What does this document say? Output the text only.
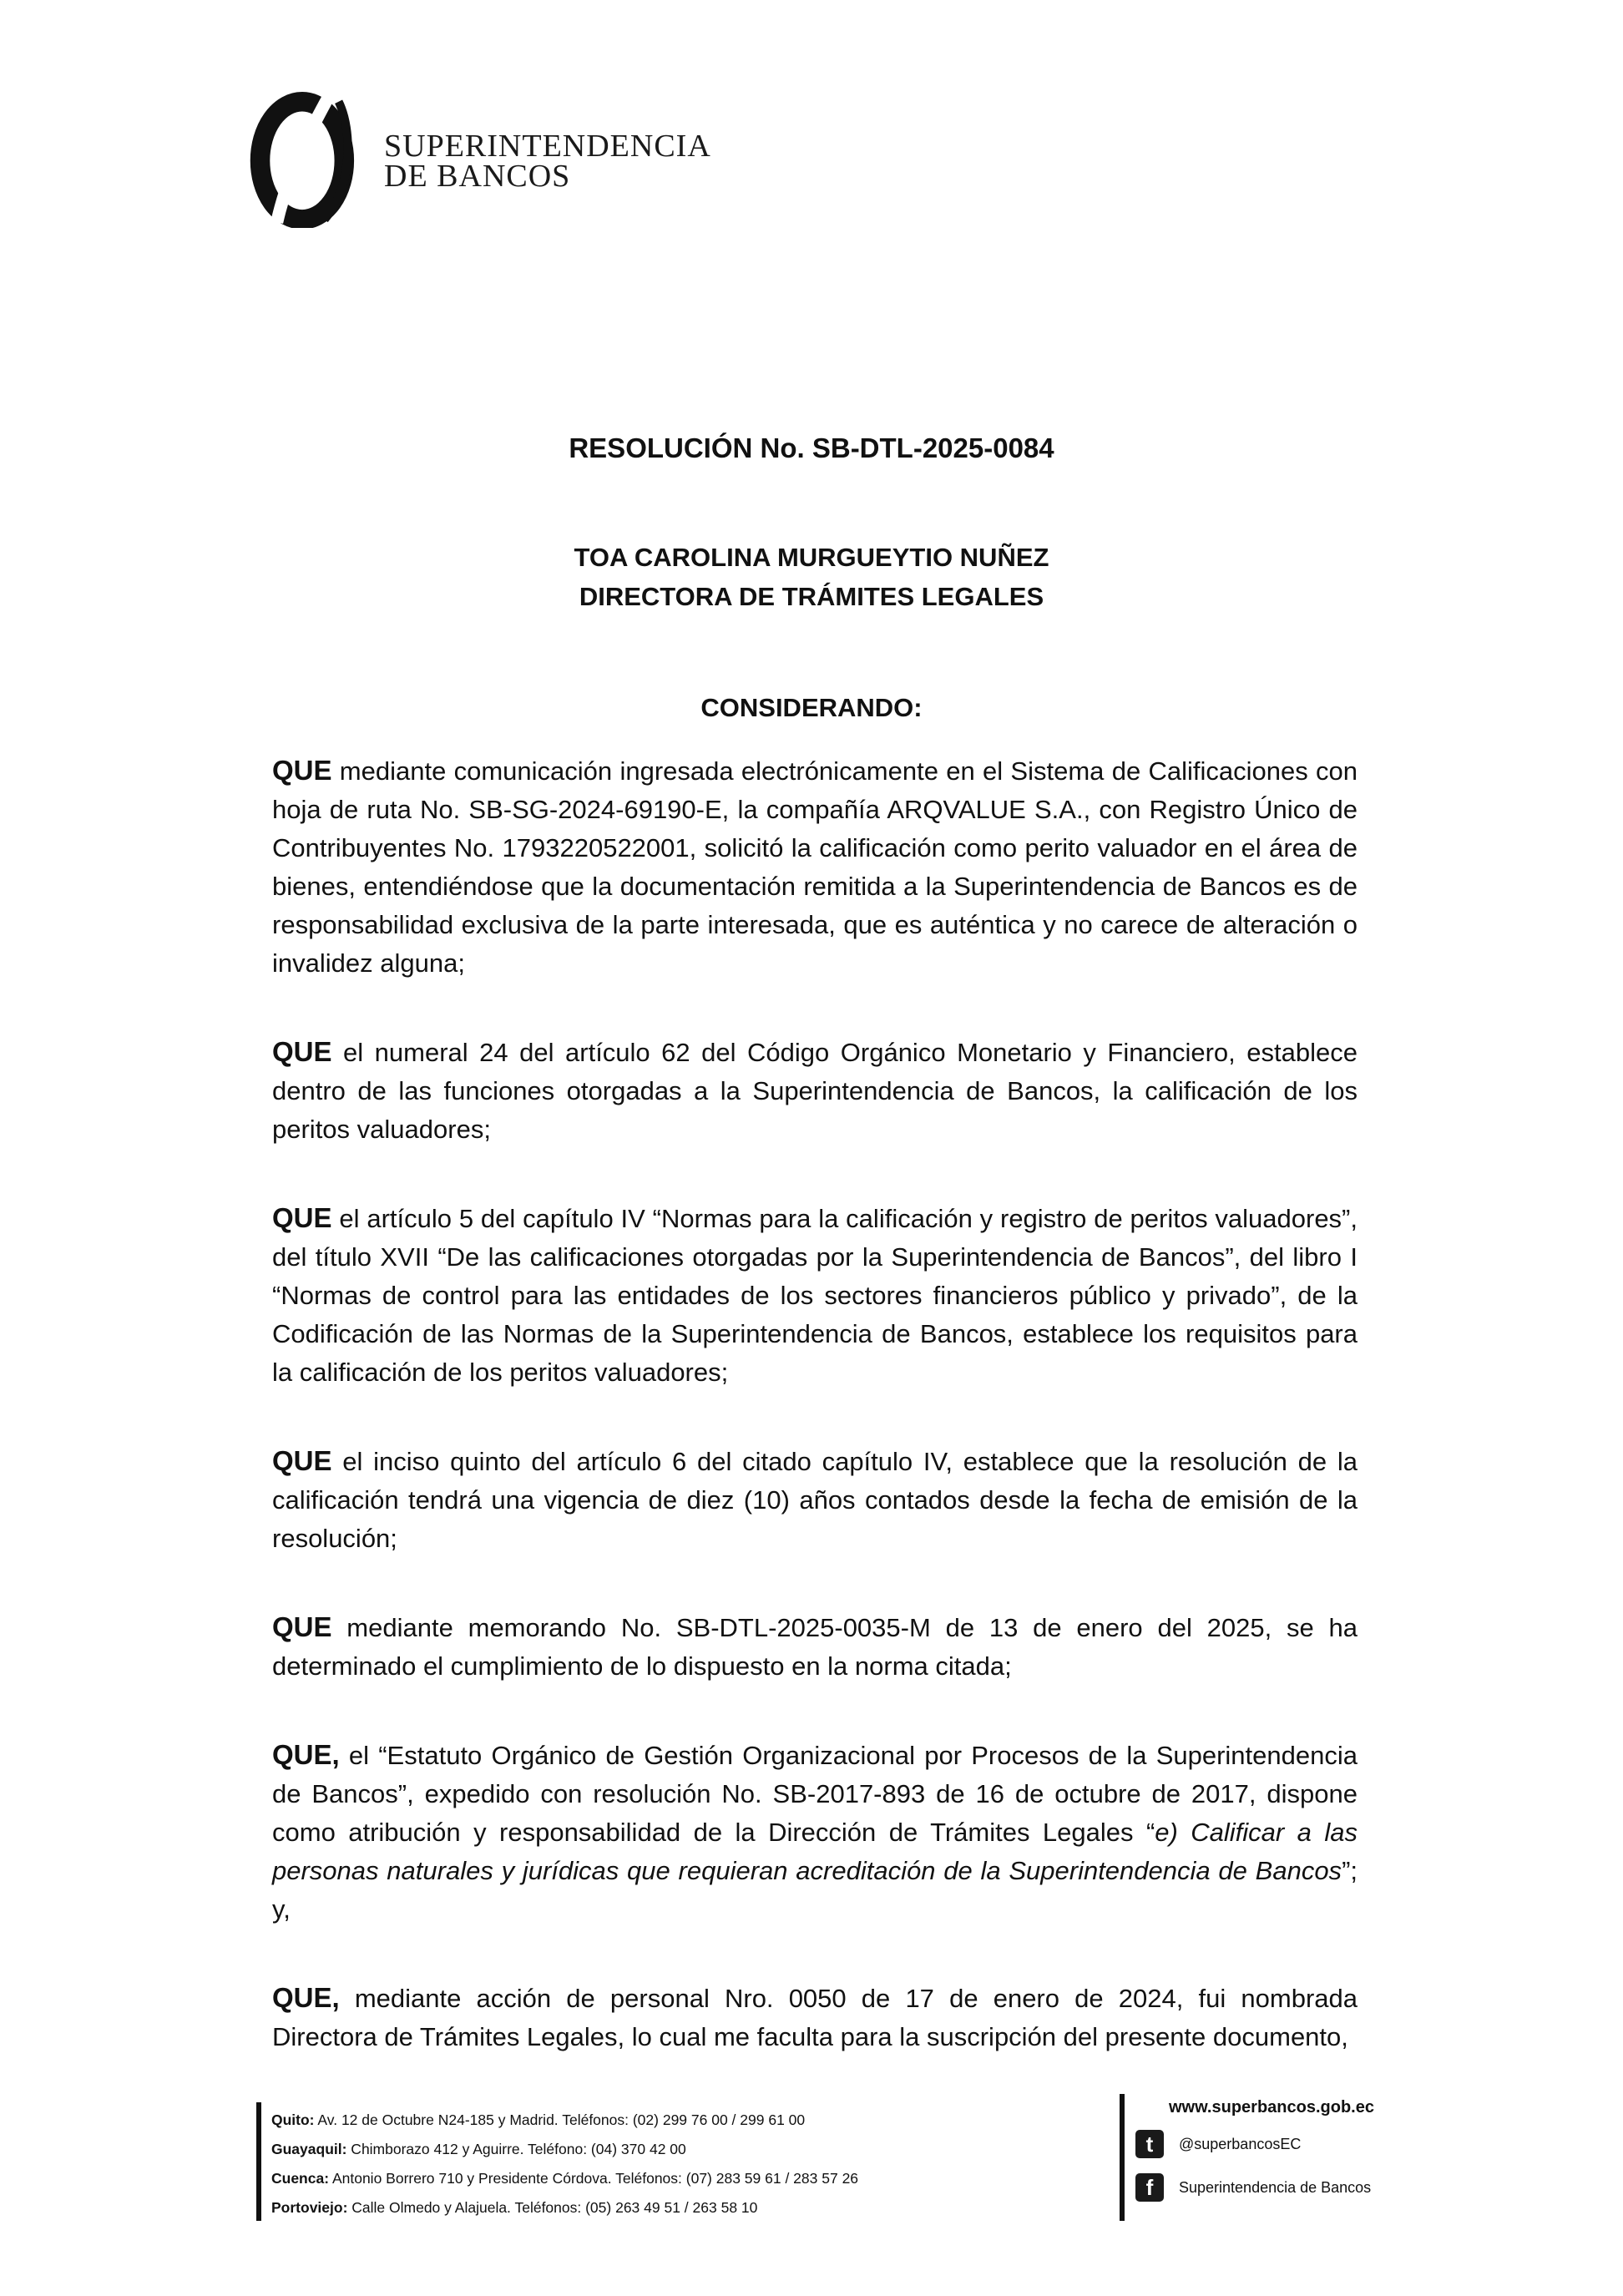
SUPERINTENDENCIA
DE BANCOS
RESOLUCIÓN No. SB-DTL-2025-0084
TOA CAROLINA MURGUEYTIO NUÑEZ
DIRECTORA DE TRÁMITES LEGALES
CONSIDERANDO:

QUE mediante comunicación ingresada electrónicamente en el Sistema de Calificaciones con hoja de ruta No. SB-SG-2024-69190-E, la compañía ARQVALUE S.A., con Registro Único de Contribuyentes No. 1793220522001, solicitó la calificación como perito valuador en el área de bienes, entendiéndose que la documentación remitida a la Superintendencia de Bancos es de responsabilidad exclusiva de la parte interesada, que es auténtica y no carece de alteración o invalidez alguna;

QUE el numeral 24 del artículo 62 del Código Orgánico Monetario y Financiero, establece dentro de las funciones otorgadas a la Superintendencia de Bancos, la calificación de los peritos valuadores;

QUE el artículo 5 del capítulo IV “Normas para la calificación y registro de peritos valuadores”, del título XVII “De las calificaciones otorgadas por la Superintendencia de Bancos”, del libro I “Normas de control para las entidades de los sectores financieros público y privado”, de la Codificación de las Normas de la Superintendencia de Bancos, establece los requisitos para la calificación de los peritos valuadores;

QUE el inciso quinto del artículo 6 del citado capítulo IV, establece que la resolución de la calificación tendrá una vigencia de diez (10) años contados desde la fecha de emisión de la resolución;

QUE mediante memorando No. SB-DTL-2025-0035-M de 13 de enero del 2025, se ha determinado el cumplimiento de lo dispuesto en la norma citada;

QUE, el “Estatuto Orgánico de Gestión Organizacional por Procesos de la Superintendencia de Bancos”, expedido con resolución No. SB-2017-893 de 16 de octubre de 2017, dispone como atribución y responsabilidad de la Dirección de Trámites Legales “e) Calificar a las personas naturales y jurídicas que requieran acreditación de la Superintendencia de Bancos”; y,

QUE, mediante acción de personal Nro. 0050 de 17 de enero de 2024, fui nombrada Directora de Trámites Legales, lo cual me faculta para la suscripción del presente documento,

Quito: Av. 12 de Octubre N24-185 y Madrid. Teléfonos: (02) 299 76 00 / 299 61 00
Guayaquil: Chimborazo 412 y Aguirre. Teléfono: (04) 370 42 00
Cuenca: Antonio Borrero 710 y Presidente Córdova. Teléfonos: (07) 283 59 61 / 283 57 26
Portoviejo: Calle Olmedo y Alajuela. Teléfonos: (05) 263 49 51 / 263 58 10
www.superbancos.gob.ec
t	@superbancosEC
f	Superintendencia de Bancos
